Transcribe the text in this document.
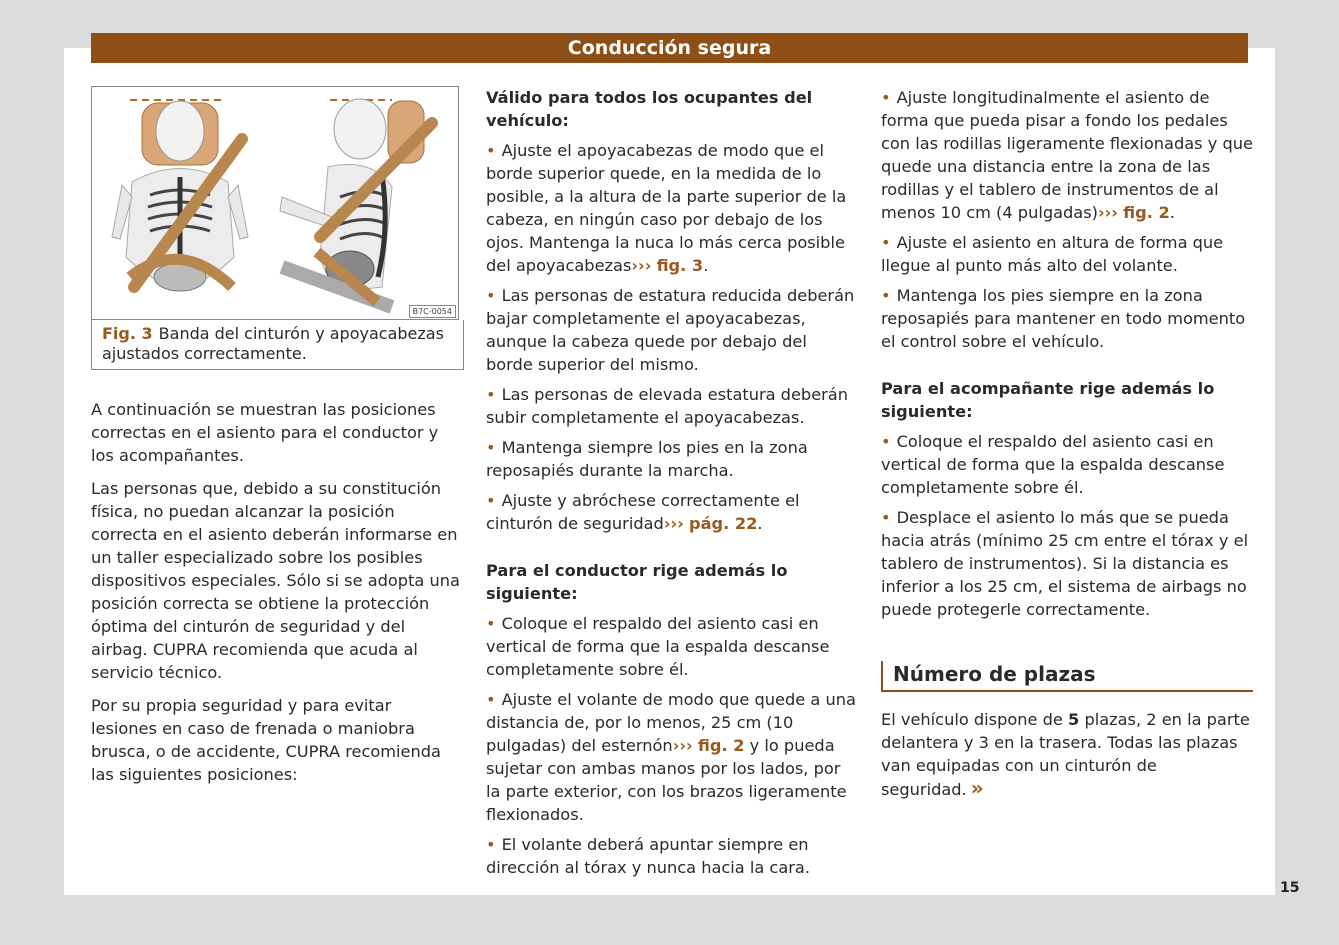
Conducción segura
B7C-0054
Fig. 3 Banda del cinturón y apoyacabezas ajustados correctamente.

A continuación se muestran las posiciones correctas en el asiento para el conductor y los acompañantes.

Las personas que, debido a su constitución física, no puedan alcanzar la posición correcta en el asiento deberán informarse en un taller especializado sobre los posibles dispositivos especiales. Sólo si se adopta una posición correcta se obtiene la protección óptima del cinturón de seguridad y del airbag. CUPRA recomienda que acuda al servicio técnico.

Por su propia seguridad y para evitar lesiones en caso de frenada o maniobra brusca, o de accidente, CUPRA recomienda las siguientes posiciones:

Válido para todos los ocupantes del vehículo:
• Ajuste el apoyacabezas de modo que el borde superior quede, en la medida de lo posible, a la altura de la parte superior de la cabeza, en ningún caso por debajo de los ojos. Mantenga la nuca lo más cerca posible del apoyacabezas››› fig. 3.
• Las personas de estatura reducida deberán bajar completamente el apoyacabezas, aunque la cabeza quede por debajo del borde superior del mismo.
• Las personas de elevada estatura deberán subir completamente el apoyacabezas.
• Mantenga siempre los pies en la zona reposapiés durante la marcha.
• Ajuste y abróchese correctamente el cinturón de seguridad››› pág. 22.
Para el conductor rige además lo siguiente:
• Coloque el respaldo del asiento casi en vertical de forma que la espalda descanse completamente sobre él.
• Ajuste el volante de modo que quede a una distancia de, por lo menos, 25 cm (10 pulgadas) del esternón››› fig. 2 y lo pueda sujetar con ambas manos por los lados, por la parte exterior, con los brazos ligeramente flexionados.
• El volante deberá apuntar siempre en dirección al tórax y nunca hacia la cara.
• Ajuste longitudinalmente el asiento de forma que pueda pisar a fondo los pedales con las rodillas ligeramente flexionadas y que quede una distancia entre la zona de las rodillas y el tablero de instrumentos de al menos 10 cm (4 pulgadas)››› fig. 2.
• Ajuste el asiento en altura de forma que llegue al punto más alto del volante.
• Mantenga los pies siempre en la zona reposapiés para mantener en todo momento el control sobre el vehículo.
Para el acompañante rige además lo siguiente:
• Coloque el respaldo del asiento casi en vertical de forma que la espalda descanse completamente sobre él.
• Desplace el asiento lo más que se pueda hacia atrás (mínimo 25 cm entre el tórax y el tablero de instrumentos). Si la distancia es inferior a los 25 cm, el sistema de airbags no puede protegerle correctamente.
Número de plazas

El vehículo dispone de 5 plazas, 2 en la parte delantera y 3 en la trasera. Todas las plazas van equipadas con un cinturón de seguridad. »

15
